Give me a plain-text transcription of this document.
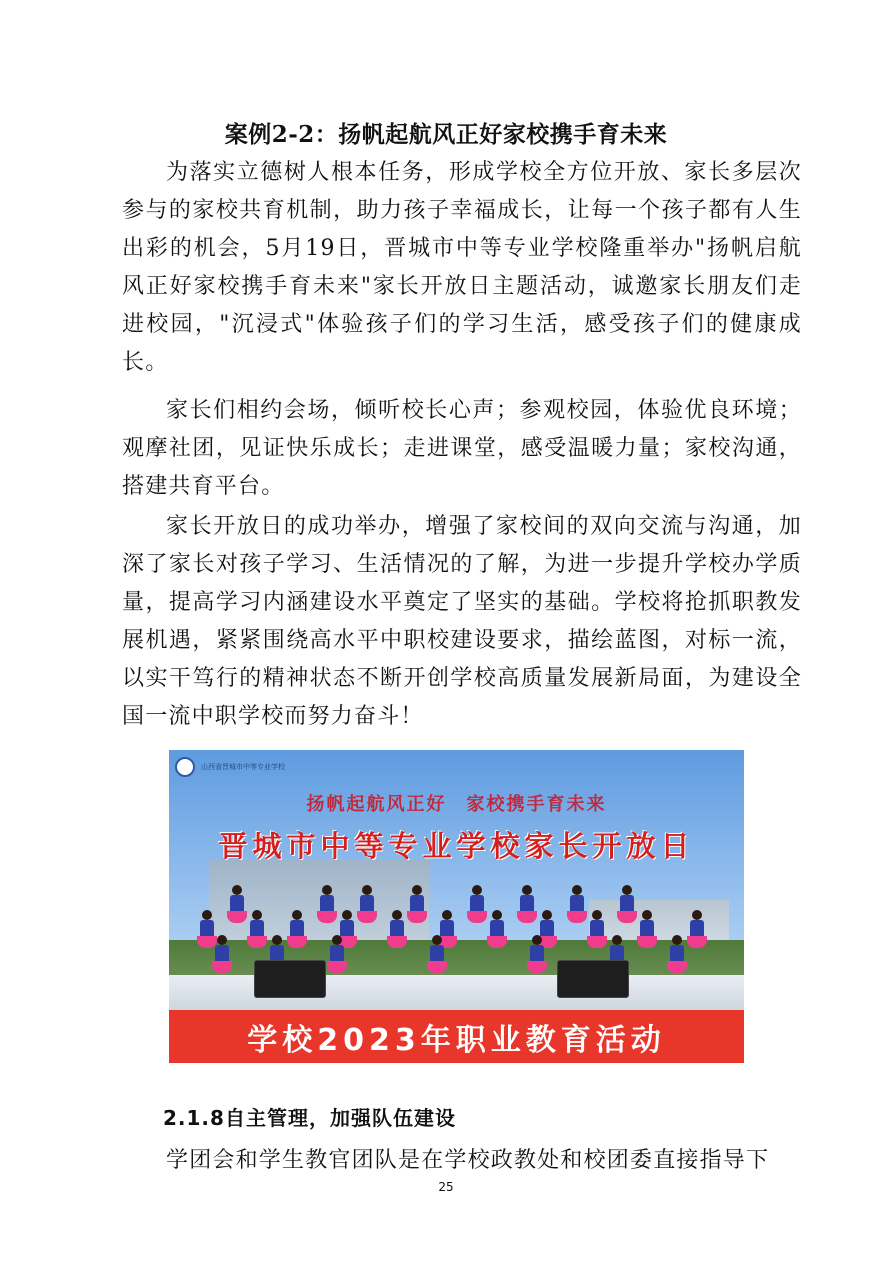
案例2-2：扬帆起航风正好家校携手育未来

为落实立德树人根本任务，形成学校全方位开放、家长多层次参与的家校共育机制，助力孩子幸福成长，让每一个孩子都有人生出彩的机会，5月19日，晋城市中等专业学校隆重举办"扬帆启航风正好家校携手育未来"家长开放日主题活动，诚邀家长朋友们走进校园，"沉浸式"体验孩子们的学习生活，感受孩子们的健康成长。

家长们相约会场，倾听校长心声；参观校园，体验优良环境；观摩社团，见证快乐成长；走进课堂，感受温暖力量；家校沟通，搭建共育平台。

家长开放日的成功举办，增强了家校间的双向交流与沟通，加深了家长对孩子学习、生活情况的了解，为进一步提升学校办学质量，提高学习内涵建设水平奠定了坚实的基础。学校将抢抓职教发展机遇，紧紧围绕高水平中职校建设要求，描绘蓝图，对标一流，以实干笃行的精神状态不断开创学校高质量发展新局面，为建设全国一流中职学校而努力奋斗！

山西省晋城市中等专业学校
扬帆起航风正好　家校携手育未来
晋城市中等专业学校家长开放日
学校2023年职业教育活动
2.1.8自主管理，加强队伍建设

学团会和学生教官团队是在学校政教处和校团委直接指导下

25
